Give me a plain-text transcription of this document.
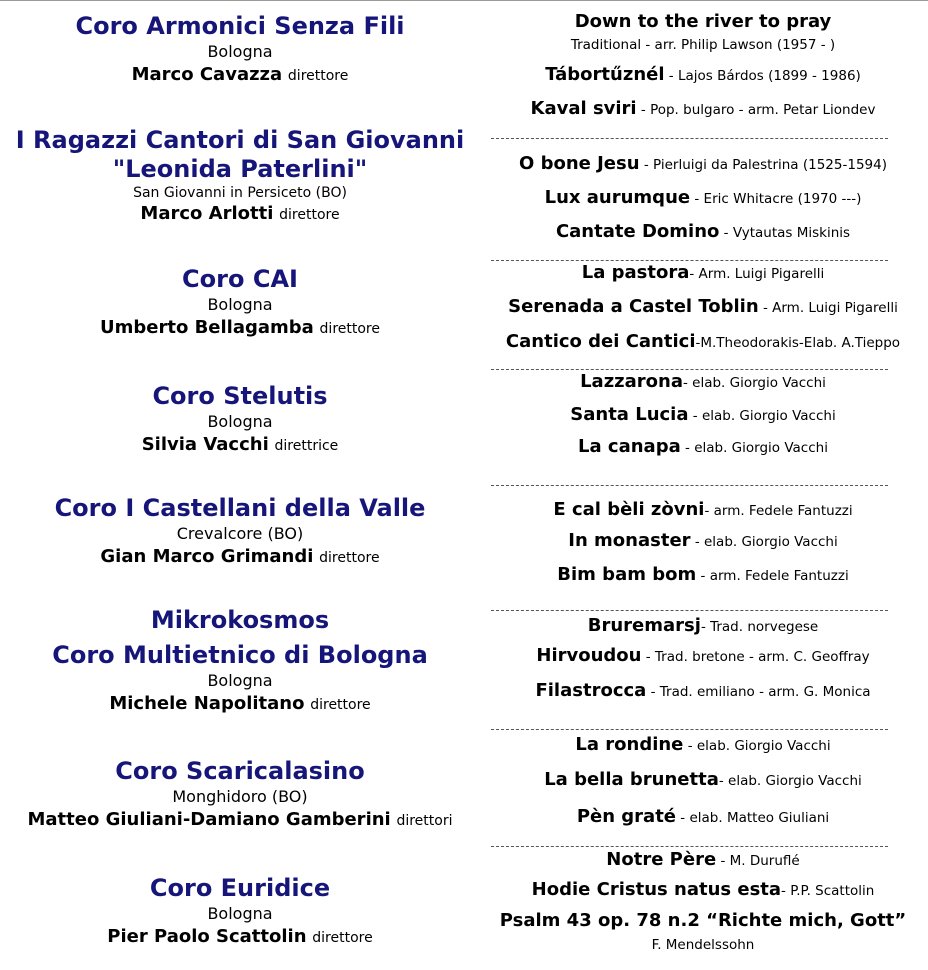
Coro Armonici Senza Fili
Bologna
Marco Cavazza direttore
I Ragazzi Cantori di San Giovanni
"Leonida Paterlini"
San Giovanni in Persiceto (BO)
Marco Arlotti direttore
Coro CAI
Bologna
Umberto Bellagamba direttore
Coro Stelutis
Bologna
Silvia Vacchi direttrice
Coro I Castellani della Valle
Crevalcore (BO)
Gian Marco Grimandi direttore
Mikrokosmos
Coro Multietnico di Bologna
Bologna
Michele Napolitano direttore
Coro Scaricalasino
Monghidoro (BO)
Matteo Giuliani-Damiano Gamberini direttori
Coro Euridice
Bologna
Pier Paolo Scattolin direttore
Down to the river to pray
Traditional - arr. Philip Lawson (1957 - )
Tábortűznél - Lajos Bárdos (1899 - 1986)
Kaval sviri - Pop. bulgaro - arm. Petar Liondev
O bone Jesu - Pierluigi da Palestrina (1525-1594)
Lux aurumque - Eric Whitacre (1970 ---)
Cantate Domino - Vytautas Miskinis
La pastora- Arm. Luigi Pigarelli
Serenada a Castel Toblin - Arm. Luigi Pigarelli
Cantico dei Cantici-M.Theodorakis-Elab. A.Tieppo
Lazzarona- elab. Giorgio Vacchi
Santa Lucia - elab. Giorgio Vacchi
La canapa - elab. Giorgio Vacchi
E cal bèli zòvni- arm. Fedele Fantuzzi
In monaster - elab. Giorgio Vacchi
Bim bam bom - arm. Fedele Fantuzzi
Bruremarsj- Trad. norvegese
Hirvoudou - Trad. bretone - arm. C. Geoffray
Filastrocca - Trad. emiliano - arm. G. Monica
La rondine - elab. Giorgio Vacchi
La bella brunetta- elab. Giorgio Vacchi
Pèn graté - elab. Matteo Giuliani
Notre Père - M. Duruflé
Hodie Cristus natus esta- P.P. Scattolin
Psalm 43 op. 78 n.2 “Richte mich, Gott”
F. Mendelssohn
